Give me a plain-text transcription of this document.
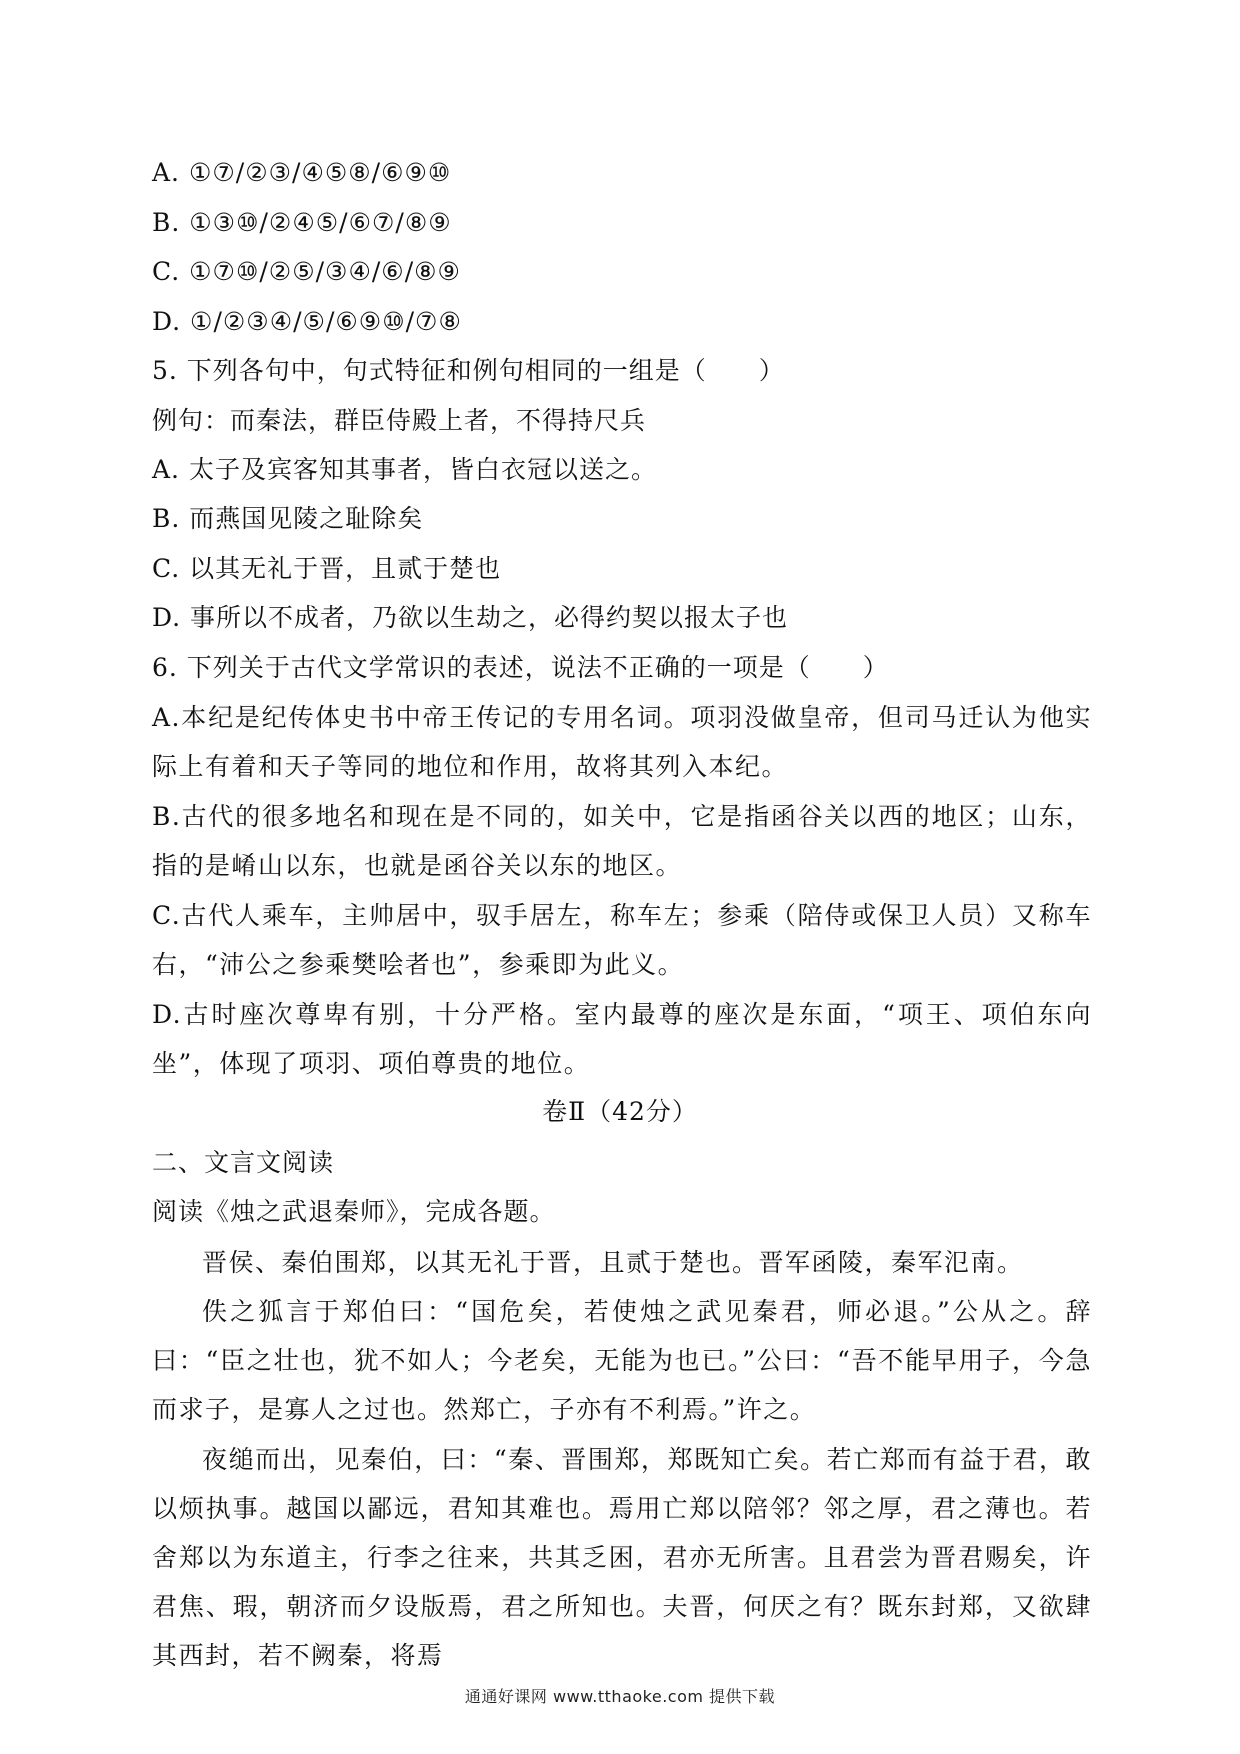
A. ①⑦/②③/④⑤⑧/⑥⑨⑩
B. ①③⑩/②④⑤/⑥⑦/⑧⑨
C. ①⑦⑩/②⑤/③④/⑥/⑧⑨
D. ①/②③④/⑤/⑥⑨⑩/⑦⑧
5. 下列各句中，句式特征和例句相同的一组是（　　）
例句：而秦法，群臣侍殿上者，不得持尺兵
A. 太子及宾客知其事者，皆白衣冠以送之。
B. 而燕国见陵之耻除矣
C. 以其无礼于晋，且贰于楚也
D. 事所以不成者，乃欲以生劫之，必得约契以报太子也
6. 下列关于古代文学常识的表述，说法不正确的一项是（　　）
A.本纪是纪传体史书中帝王传记的专用名词。项羽没做皇帝，但司马迁认为他实际上有着和天子等同的地位和作用，故将其列入本纪。
B.古代的很多地名和现在是不同的，如关中，它是指函谷关以西的地区；山东，指的是崤山以东，也就是函谷关以东的地区。
C.古代人乘车，主帅居中，驭手居左，称车左；参乘（陪侍或保卫人员）又称车右，“沛公之参乘樊哙者也”，参乘即为此义。
D.古时座次尊卑有别，十分严格。室内最尊的座次是东面，“项王、项伯东向坐”，体现了项羽、项伯尊贵的地位。
卷Ⅱ（42分）
二、文言文阅读
阅读《烛之武退秦师》，完成各题。
晋侯、秦伯围郑，以其无礼于晋，且贰于楚也。晋军函陵，秦军氾南。
佚之狐言于郑伯曰：“国危矣，若使烛之武见秦君，师必退。”公从之。辞曰：“臣之壮也，犹不如人；今老矣，无能为也已。”公曰：“吾不能早用子，今急而求子，是寡人之过也。然郑亡，子亦有不利焉。”许之。
夜缒而出，见秦伯，曰：“秦、晋围郑，郑既知亡矣。若亡郑而有益于君，敢以烦执事。越国以鄙远，君知其难也。焉用亡郑以陪邻？邻之厚，君之薄也。若舍郑以为东道主，行李之往来，共其乏困，君亦无所害。且君尝为晋君赐矣，许君焦、瑕，朝济而夕设版焉，君之所知也。夫晋，何厌之有？既东封郑，又欲肆其西封，若不阙秦，将焉
通通好课网 www.tthaoke.com 提供下载
